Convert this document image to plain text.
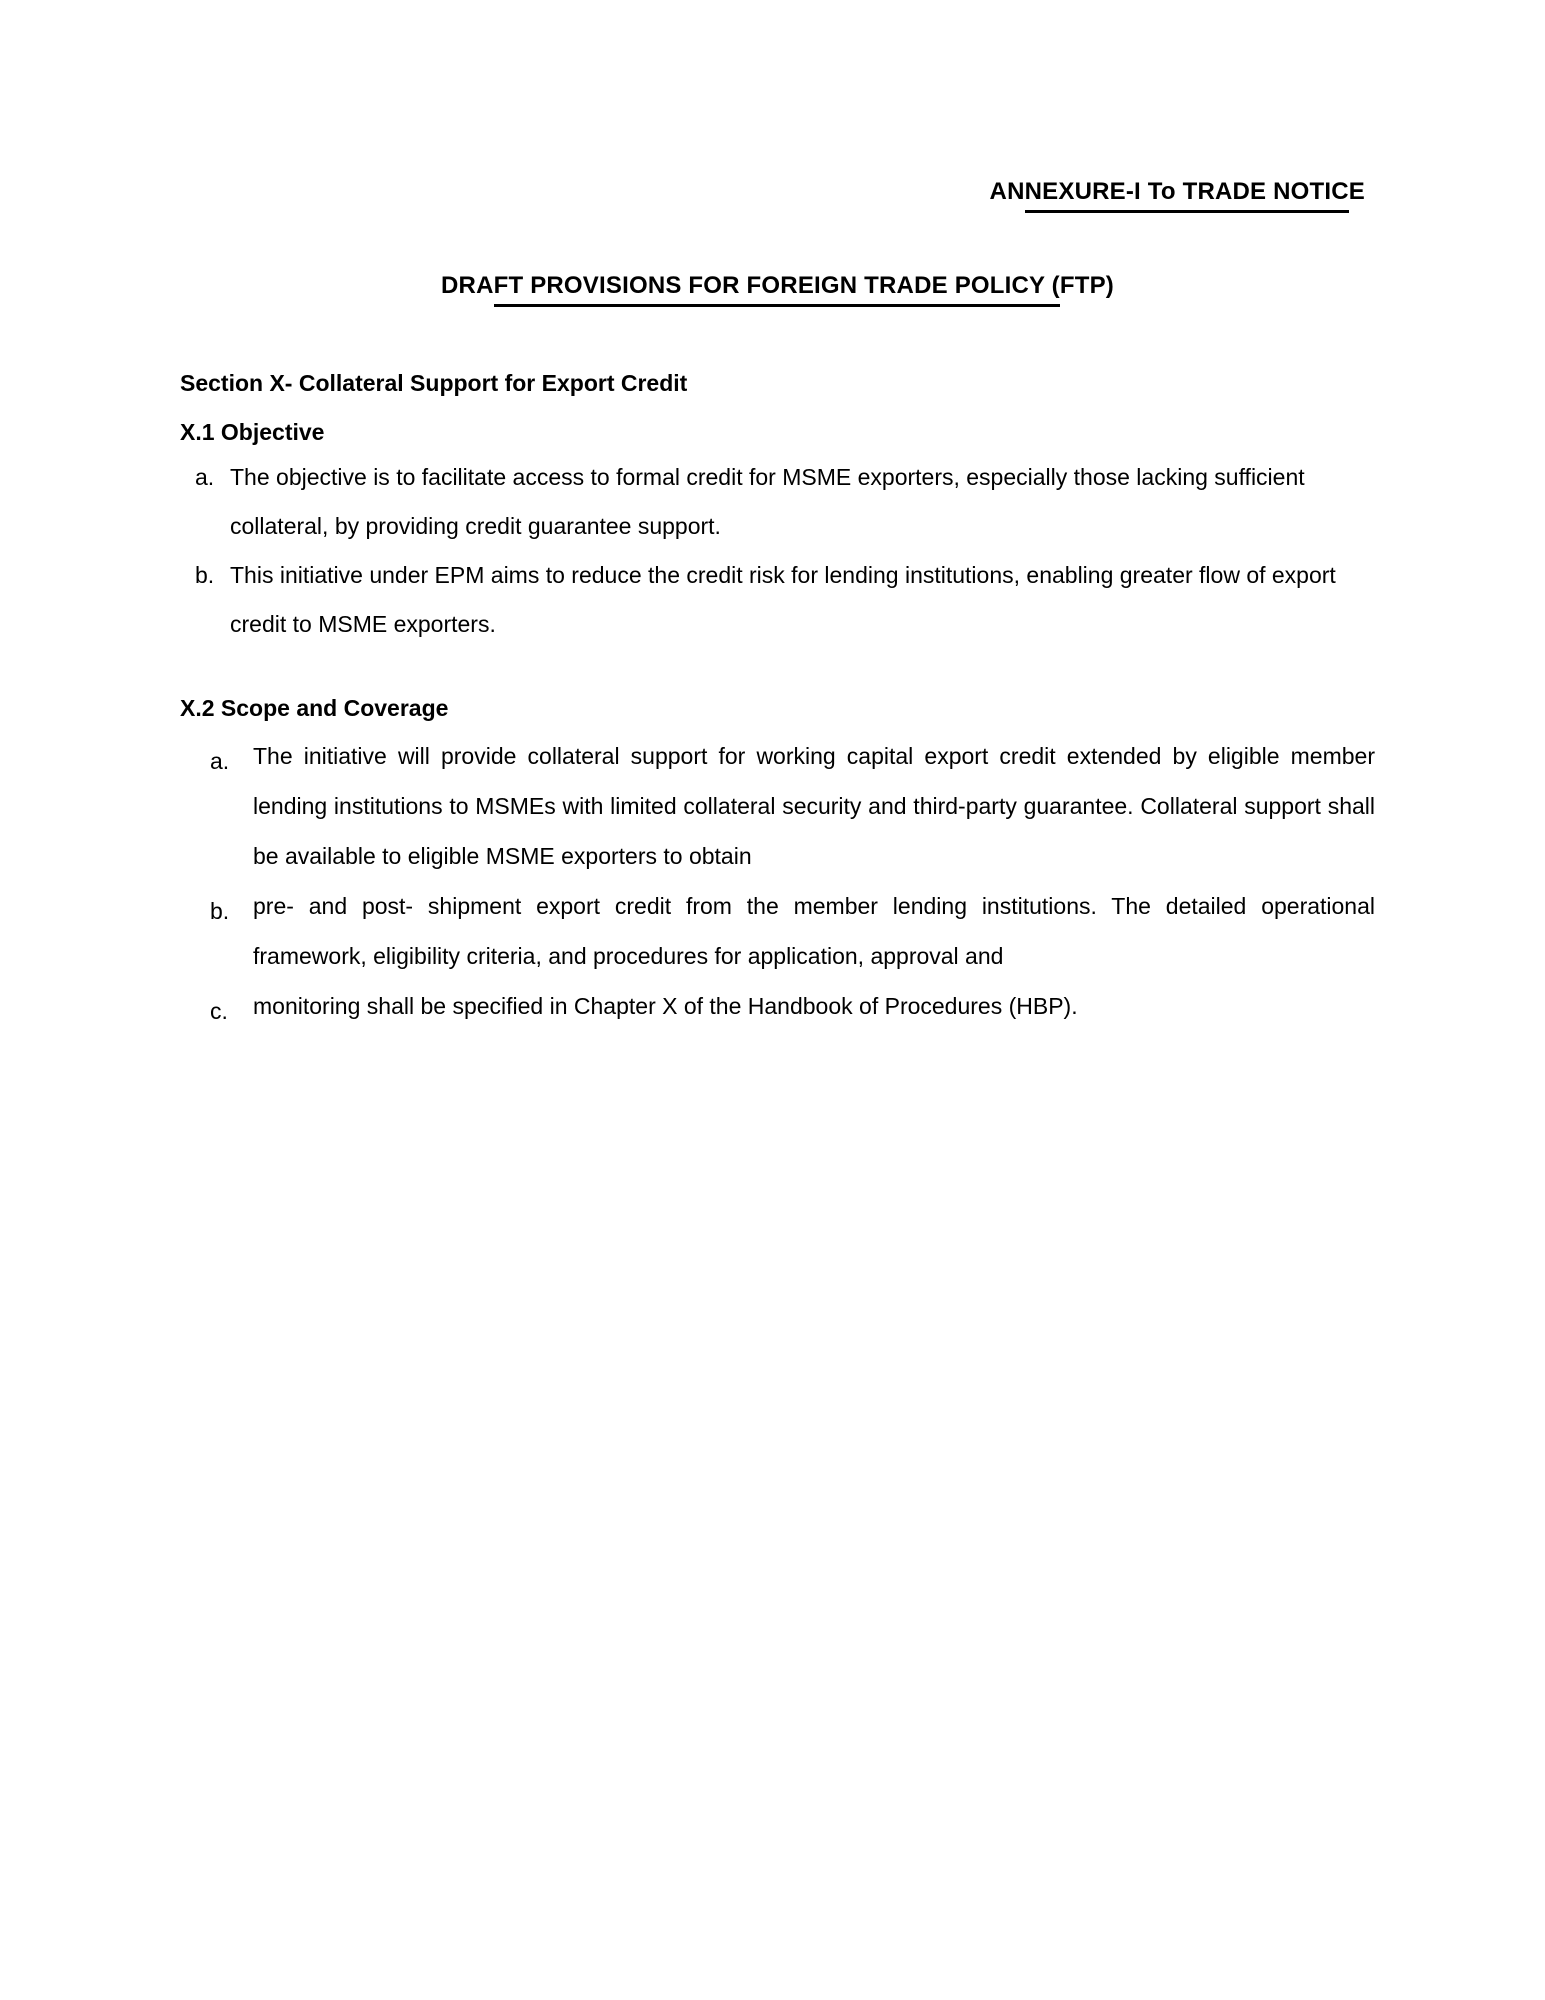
ANNEXURE-I To TRADE NOTICE

DRAFT PROVISIONS FOR FOREIGN TRADE POLICY (FTP)

Section X- Collateral Support for Export Credit
X.1 Objective
a. The objective is to facilitate access to formal credit for MSME exporters, especially those lacking sufficient collateral, by providing credit guarantee support.
b. This initiative under EPM aims to reduce the credit risk for lending institutions, enabling greater flow of export credit to MSME exporters.
X.2 Scope and Coverage
a.	The initiative will provide collateral support for working capital export credit extended by eligible member lending institutions to MSMEs with limited collateral security and third-party guarantee. Collateral support shall be available to eligible MSME exporters to obtain
b.	pre- and post- shipment export credit from the member lending institutions. The detailed operational framework, eligibility criteria, and procedures for application, approval and
c.	monitoring shall be specified in Chapter X of the Handbook of Procedures (HBP).
